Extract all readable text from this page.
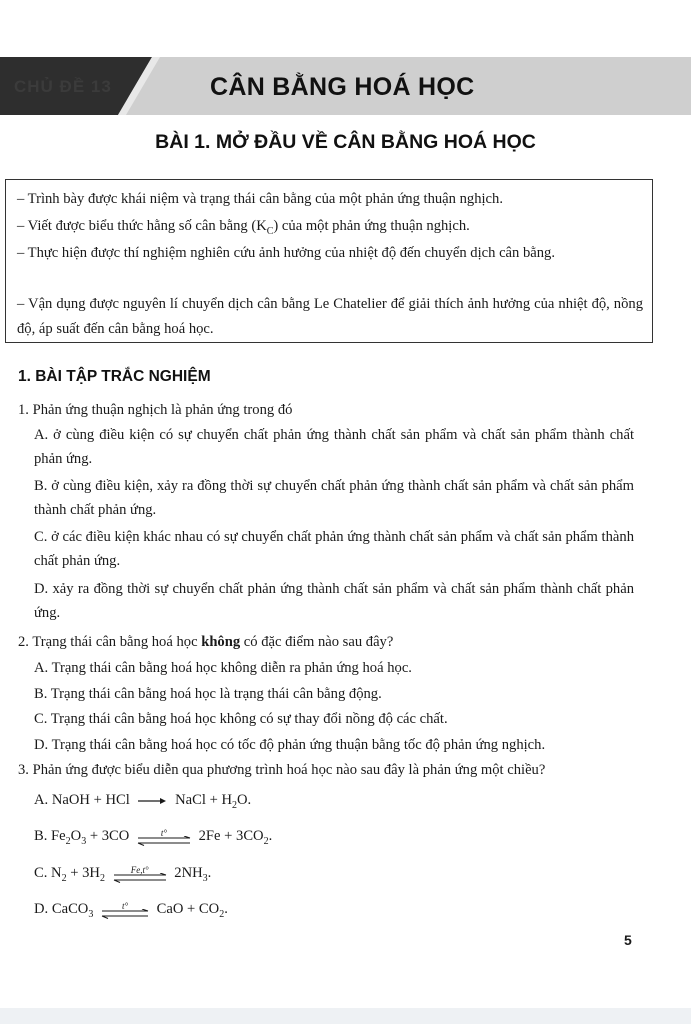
CHỦ ĐỀ 13	CÂN BẰNG HOÁ HỌC
BÀI 1. MỞ ĐẦU VỀ CÂN BẰNG HOÁ HỌC
– Trình bày được khái niệm và trạng thái cân bằng của một phản ứng thuận nghịch.
– Viết được biểu thức hằng số cân bằng $(K_C)$ của một phản ứng thuận nghịch.
– Thực hiện được thí nghiệm nghiên cứu ảnh hưởng của nhiệt độ đến chuyển dịch cân bằng.
– Vận dụng được nguyên lí chuyển dịch cân bằng Le Chatelier để giải thích ảnh hưởng của nhiệt độ, nồng độ, áp suất đến cân bằng hoá học.
1. BÀI TẬP TRẮC NGHIỆM
1. Phản ứng thuận nghịch là phản ứng trong đó
A. ở cùng điều kiện có sự chuyển chất phản ứng thành chất sản phẩm và chất sản phẩm thành chất phản ứng.
B. ở cùng điều kiện, xảy ra đồng thời sự chuyển chất phản ứng thành chất sản phẩm và chất sản phẩm thành chất phản ứng.
C. ở các điều kiện khác nhau có sự chuyển chất phản ứng thành chất sản phẩm và chất sản phẩm thành chất phản ứng.
D. xảy ra đồng thời sự chuyển chất phản ứng thành chất sản phẩm và chất sản phẩm thành chất phản ứng.
2. Trạng thái cân bằng hoá học không có đặc điểm nào sau đây?
A. Trạng thái cân bằng hoá học không diễn ra phản ứng hoá học.
B. Trạng thái cân bằng hoá học là trạng thái cân bằng động.
C. Trạng thái cân bằng hoá học không có sự thay đổi nồng độ các chất.
D. Trạng thái cân bằng hoá học có tốc độ phản ứng thuận bằng tốc độ phản ứng nghịch.
3. Phản ứng được biểu diễn qua phương trình hoá học nào sau đây là phản ứng một chiều?
A. NaOH + HCl	NaCl + $H_2O$.
B. $Fe_2O_3 + 3CO$	t°	$2Fe + 3CO_2$.
C. $N_2 + 3H_2$
Fe,t°	$2NH_3$.
D. CaCO$_3$
t°	CaO + $CO_2$.
5
